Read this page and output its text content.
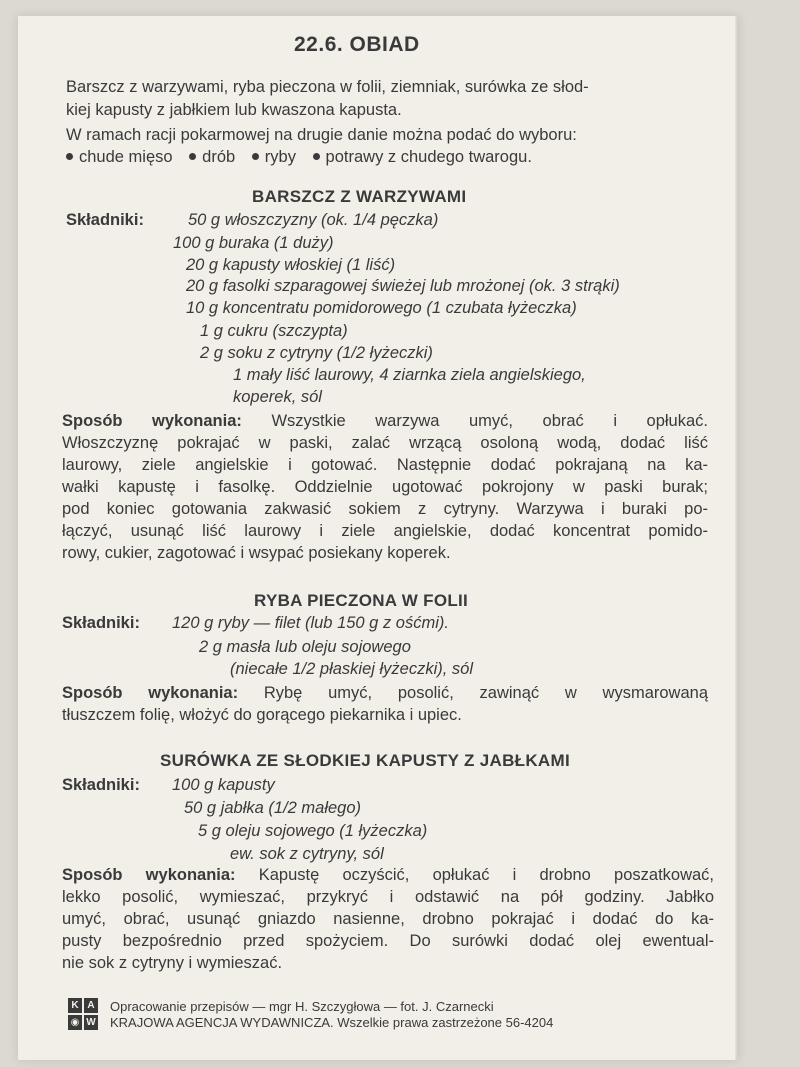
22.6. OBIAD
Barszcz z warzywami, ryba pieczona w folii, ziemniak, surówka ze słod-
kiej kapusty z jabłkiem lub kwaszona kapusta.
W ramach racji pokarmowej na drugie danie można podać do wyboru:
chude mięso drób ryby potrawy z chudego twarogu.
BARSZCZ Z WARZYWAMI
Składniki:	50 g włoszczyzny (ok. 1/4 pęczka)
100 g buraka (1 duży)
20 g kapusty włoskiej (1 liść)
20 g fasolki szparagowej świeżej lub mrożonej (ok. 3 strąki)
10 g koncentratu pomidorowego (1 czubata łyżeczka)
1 g cukru (szczypta)
2 g soku z cytryny (1/2 łyżeczki)
1 mały liść laurowy, 4 ziarnka ziela angielskiego,
koperek, sól
Sposób wykonania: Wszystkie warzywa umyć, obrać i opłukać.
Włoszczyznę pokrajać w paski, zalać wrzącą osoloną wodą, dodać liść
laurowy, ziele angielskie i gotować. Następnie dodać pokrajaną na ka-
wałki kapustę i fasolkę. Oddzielnie ugotować pokrojony w paski burak;
pod koniec gotowania zakwasić sokiem z cytryny. Warzywa i buraki po-
łączyć, usunąć liść laurowy i ziele angielskie, dodać koncentrat pomido-
rowy, cukier, zagotować i wsypać posiekany koperek.
RYBA PIECZONA W FOLII
Składniki: 120 g ryby — filet (lub 150 g z ośćmi).
2 g masła lub oleju sojowego
(niecałe 1/2 płaskiej łyżeczki), sól
Sposób wykonania: Rybę umyć, posolić, zawinąć w wysmarowaną
tłuszczem folię, włożyć do gorącego piekarnika i upiec.
SURÓWKA ZE SŁODKIEJ KAPUSTY Z JABŁKAMI
Składniki: 100 g kapusty
50 g jabłka (1/2 małego)
5 g oleju sojowego (1 łyżeczka)
ew. sok z cytryny, sól
Sposób wykonania: Kapustę oczyścić, opłukać i drobno poszatkować,
lekko posolić, wymieszać, przykryć i odstawić na pół godziny. Jabłko
umyć, obrać, usunąć gniazdo nasienne, drobno pokrajać i dodać do ka-
pusty bezpośrednio przed spożyciem. Do surówki dodać olej ewentual-
nie sok z cytryny i wymieszać.
K A
◉ W
Opracowanie przepisów — mgr H. Szczygłowa — fot. J. Czarnecki
KRAJOWA AGENCJA WYDAWNICZA. Wszelkie prawa zastrzeżone 56-4204
